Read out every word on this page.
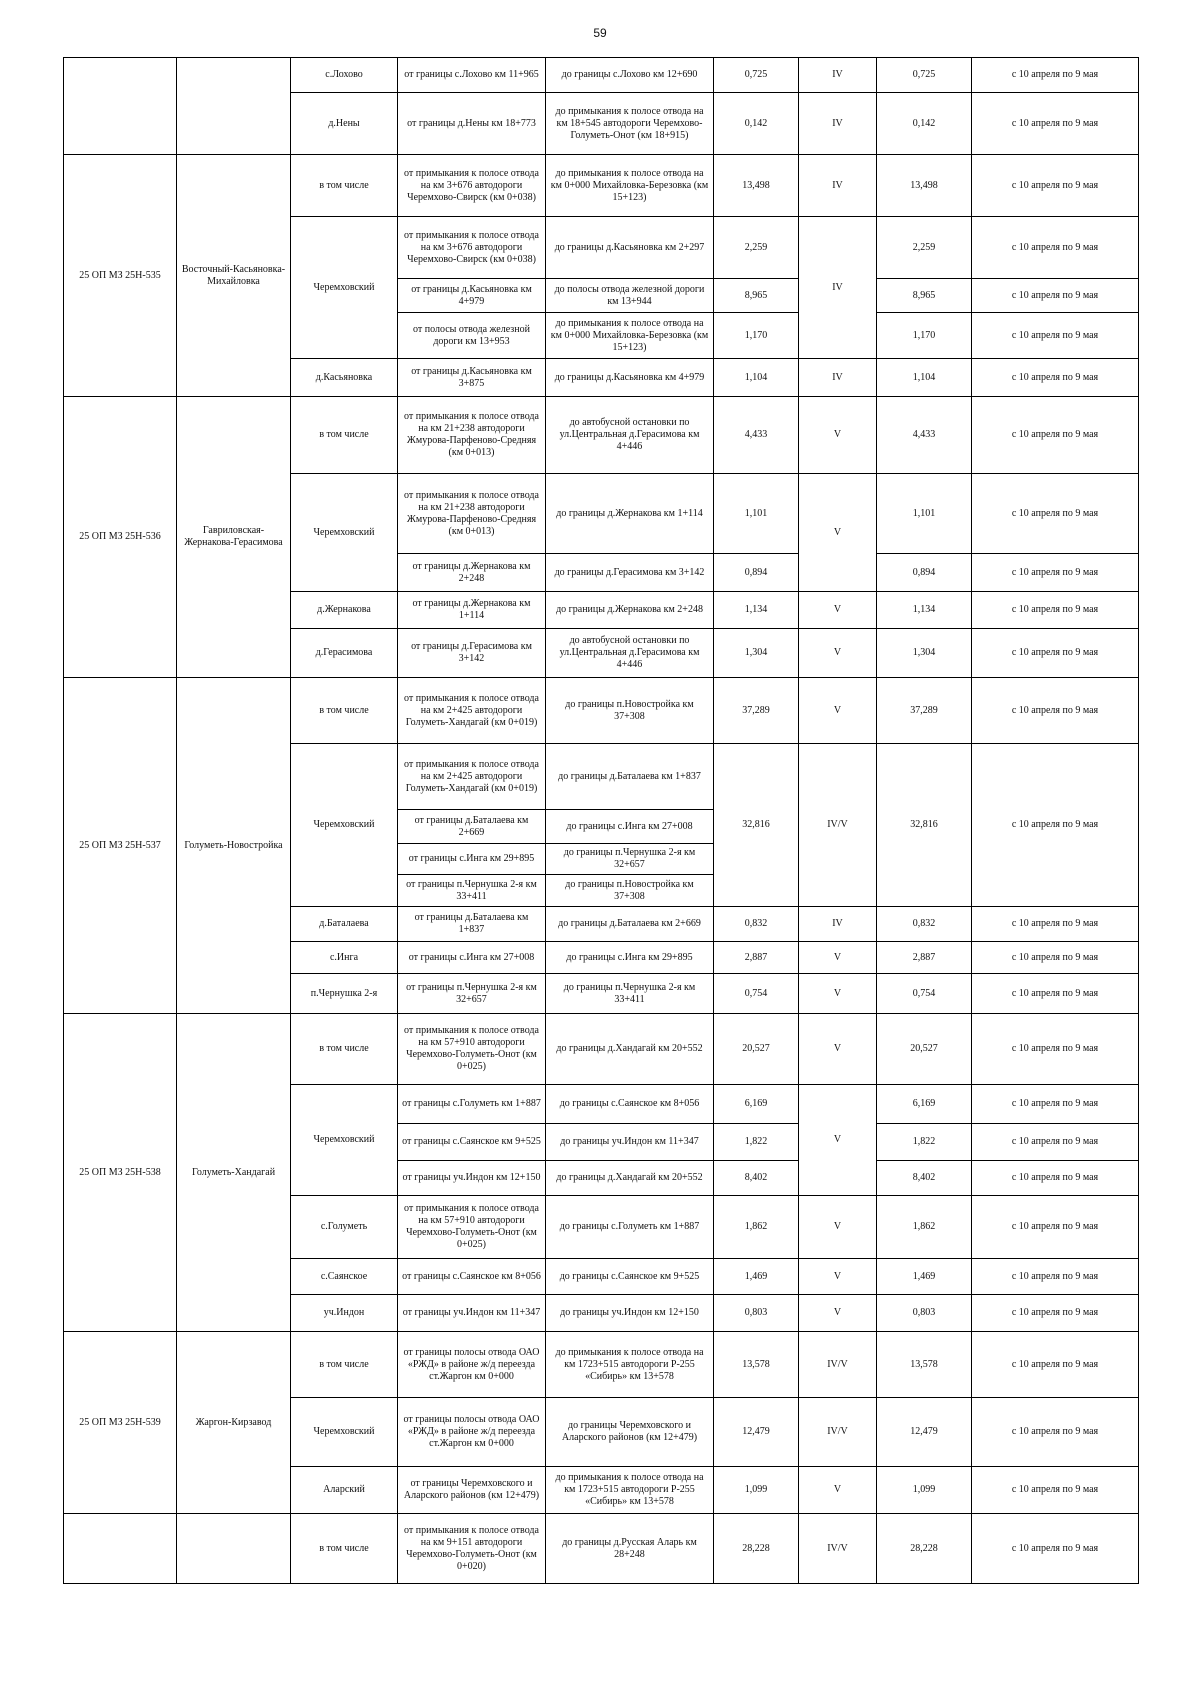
59
		с.Лохово	от границы с.Лохово км 11+965	до границы с.Лохово км 12+690	0,725	IV	0,725	с 10 апреля по 9 мая
		д.Нены	от границы д.Нены км 18+773	до примыкания к полосе отвода на км 18+545 автодороги Черемхово-Голуметь-Онот (км 18+915)	0,142	IV	0,142	с 10 апреля по 9 мая
25 ОП МЗ 25Н-535	Восточный-Касьяновка-Михайловка	в том числе	от примыкания к полосе отвода на км 3+676 автодороги Черемхово-Свирск (км 0+038)	до примыкания к полосе отвода на км 0+000 Михайловка-Березовка (км 15+123)	13,498	IV	13,498	с 10 апреля по 9 мая
		Черемховский	от примыкания к полосе отвода на км 3+676 автодороги Черемхово-Свирск (км 0+038)	до границы д.Касьяновка км 2+297	2,259	IV	2,259	с 10 апреля по 9 мая
			от границы д.Касьяновка км 4+979	до полосы отвода железной дороги км 13+944	8,965		8,965	с 10 апреля по 9 мая
			от полосы отвода железной дороги км 13+953	до примыкания к полосе отвода на км 0+000 Михайловка-Березовка (км 15+123)	1,170		1,170	с 10 апреля по 9 мая
		д.Касьяновка	от границы д.Касьяновка км 3+875	до границы д.Касьяновка км 4+979	1,104	IV	1,104	с 10 апреля по 9 мая
25 ОП МЗ 25Н-536	Гавриловская-Жернакова-Герасимова	в том числе	от примыкания к полосе отвода на км 21+238 автодороги Жмурова-Парфеново-Средняя (км 0+013)	до автобусной остановки по ул.Центральная д.Герасимова км 4+446	4,433	V	4,433	с 10 апреля по 9 мая
		Черемховский	от примыкания к полосе отвода на км 21+238 автодороги Жмурова-Парфеново-Средняя (км 0+013)	до границы д.Жернакова км 1+114	1,101	V	1,101	с 10 апреля по 9 мая
			от границы д.Жернакова км 2+248	до границы д.Герасимова км 3+142	0,894		0,894	с 10 апреля по 9 мая
		д.Жернакова	от границы д.Жернакова км 1+114	до границы д.Жернакова км 2+248	1,134	V	1,134	с 10 апреля по 9 мая
		д.Герасимова	от границы д.Герасимова км 3+142	до автобусной остановки по ул.Центральная д.Герасимова км 4+446	1,304	V	1,304	с 10 апреля по 9 мая
25 ОП МЗ 25Н-537	Голуметь-Новостройка	в том числе	от примыкания к полосе отвода на км 2+425 автодороги Голуметь-Хандагай (км 0+019)	до границы п.Новостройка км 37+308	37,289	V	37,289	с 10 апреля по 9 мая
		Черемховский	от примыкания к полосе отвода на км 2+425 автодороги Голуметь-Хандагай (км 0+019)	до границы д.Баталаева км 1+837	32,816	IV/V	32,816	с 10 апреля по 9 мая
			от границы д.Баталаева км 2+669	до границы с.Инга км 27+008				
			от границы с.Инга км 29+895	до границы п.Чернушка 2-я км 32+657				
			от границы п.Чернушка 2-я км 33+411	до границы п.Новостройка км 37+308				
		д.Баталаева	от границы д.Баталаева км 1+837	до границы д.Баталаева км 2+669	0,832	IV	0,832	с 10 апреля по 9 мая
		с.Инга	от границы с.Инга км 27+008	до границы с.Инга км 29+895	2,887	V	2,887	с 10 апреля по 9 мая
		п.Чернушка 2-я	от границы п.Чернушка 2-я км 32+657	до границы п.Чернушка 2-я км 33+411	0,754	V	0,754	с 10 апреля по 9 мая
25 ОП МЗ 25Н-538	Голуметь-Хандагай	в том числе	от примыкания к полосе отвода на км 57+910 автодороги Черемхово-Голуметь-Онот (км 0+025)	до границы д.Хандагай км 20+552	20,527	V	20,527	с 10 апреля по 9 мая
		Черемховский	от границы с.Голуметь км 1+887	до границы с.Саянское км 8+056	6,169	V	6,169	с 10 апреля по 9 мая
			от границы с.Саянское км 9+525	до границы уч.Индон км 11+347	1,822		1,822	с 10 апреля по 9 мая
			от границы уч.Индон км 12+150	до границы д.Хандагай км 20+552	8,402		8,402	с 10 апреля по 9 мая
		с.Голуметь	от примыкания к полосе отвода на км 57+910 автодороги Черемхово-Голуметь-Онот (км 0+025)	до границы с.Голуметь км 1+887	1,862	V	1,862	с 10 апреля по 9 мая
		с.Саянское	от границы с.Саянское км 8+056	до границы с.Саянское км 9+525	1,469	V	1,469	с 10 апреля по 9 мая
		уч.Индон	от границы уч.Индон км 11+347	до границы уч.Индон км 12+150	0,803	V	0,803	с 10 апреля по 9 мая
25 ОП МЗ 25Н-539	Жаргон-Кирзавод	в том числе	от границы полосы отвода ОАО «РЖД» в районе ж/д переезда ст.Жаргон км 0+000	до примыкания к полосе отвода на км 1723+515 автодороги Р-255 «Сибирь» км 13+578	13,578	IV/V	13,578	с 10 апреля по 9 мая
		Черемховский	от границы полосы отвода ОАО «РЖД» в районе ж/д переезда ст.Жаргон км 0+000	до границы Черемховского и Аларского районов (км 12+479)	12,479	IV/V	12,479	с 10 апреля по 9 мая
		Аларский	от границы Черемховского и Аларского районов (км 12+479)	до примыкания к полосе отвода на км 1723+515 автодороги Р-255 «Сибирь» км 13+578	1,099	V	1,099	с 10 апреля по 9 мая
		в том числе	от примыкания к полосе отвода на км 9+151 автодороги Черемхово-Голуметь-Онот (км 0+020)	до границы д.Русская Аларь км 28+248	28,228	IV/V	28,228	с 10 апреля по 9 мая
